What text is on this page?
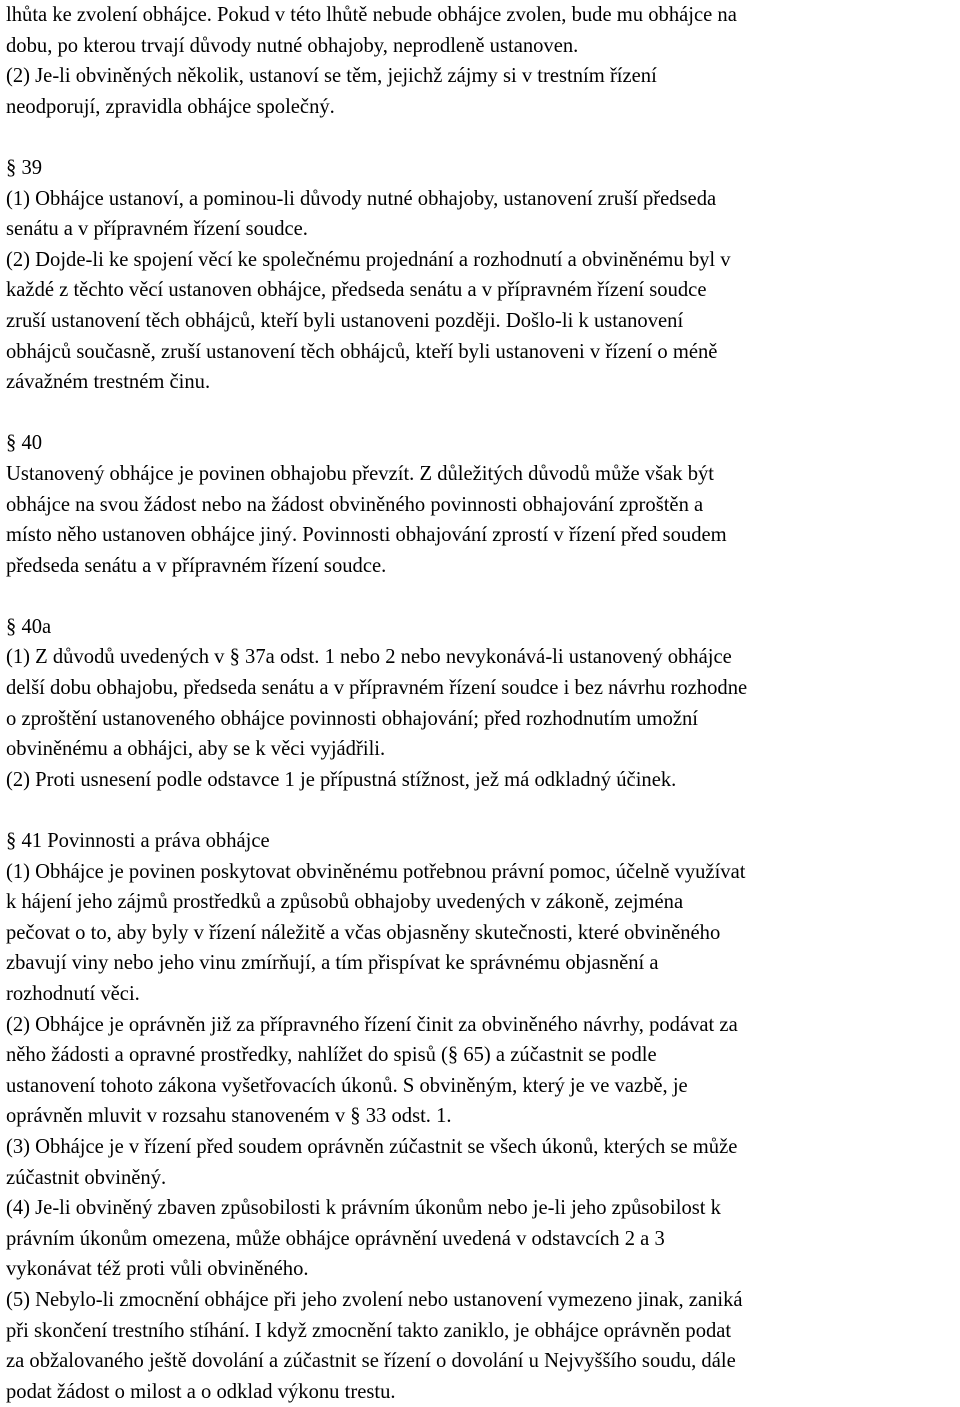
lhůta ke zvolení obhájce. Pokud v této lhůtě nebude obhájce zvolen, bude mu obhájce na
dobu, po kterou trvají důvody nutné obhajoby, neprodleně ustanoven.
(2) Je-li obviněných několik, ustanoví se těm, jejichž zájmy si v trestním řízení
neodporují, zpravidla obhájce společný.
§ 39
(1) Obhájce ustanoví, a pominou-li důvody nutné obhajoby, ustanovení zruší předseda
senátu a v přípravném řízení soudce.
(2) Dojde-li ke spojení věcí ke společnému projednání a rozhodnutí a obviněnému byl v
každé z těchto věcí ustanoven obhájce, předseda senátu a v přípravném řízení soudce
zruší ustanovení těch obhájců, kteří byli ustanoveni později. Došlo-li k ustanovení
obhájců současně, zruší ustanovení těch obhájců, kteří byli ustanoveni v řízení o méně
závažném trestném činu.
§ 40
Ustanovený obhájce je povinen obhajobu převzít. Z důležitých důvodů může však být
obhájce na svou žádost nebo na žádost obviněného povinnosti obhajování zproštěn a
místo něho ustanoven obhájce jiný. Povinnosti obhajování zprostí v řízení před soudem
předseda senátu a v přípravném řízení soudce.
§ 40a
(1) Z důvodů uvedených v § 37a odst. 1 nebo 2 nebo nevykonává-li ustanovený obhájce
delší dobu obhajobu, předseda senátu a v přípravném řízení soudce i bez návrhu rozhodne
o zproštění ustanoveného obhájce povinnosti obhajování; před rozhodnutím umožní
obviněnému a obhájci, aby se k věci vyjádřili.
(2) Proti usnesení podle odstavce 1 je přípustná stížnost, jež má odkladný účinek.
§ 41 Povinnosti a práva obhájce
(1) Obhájce je povinen poskytovat obviněnému potřebnou právní pomoc, účelně využívat
k hájení jeho zájmů prostředků a způsobů obhajoby uvedených v zákoně, zejména
pečovat o to, aby byly v řízení náležitě a včas objasněny skutečnosti, které obviněného
zbavují viny nebo jeho vinu zmírňují, a tím přispívat ke správnému objasnění a
rozhodnutí věci.
(2) Obhájce je oprávněn již za přípravného řízení činit za obviněného návrhy, podávat za
něho žádosti a opravné prostředky, nahlížet do spisů (§ 65) a zúčastnit se podle
ustanovení tohoto zákona vyšetřovacích úkonů. S obviněným, který je ve vazbě, je
oprávněn mluvit v rozsahu stanoveném v § 33 odst. 1.
(3) Obhájce je v řízení před soudem oprávněn zúčastnit se všech úkonů, kterých se může
zúčastnit obviněný.
(4) Je-li obviněný zbaven způsobilosti k právním úkonům nebo je-li jeho způsobilost k
právním úkonům omezena, může obhájce oprávnění uvedená v odstavcích 2 a 3
vykonávat též proti vůli obviněného.
(5) Nebylo-li zmocnění obhájce při jeho zvolení nebo ustanovení vymezeno jinak, zaniká
při skončení trestního stíhání. I když zmocnění takto zaniklo, je obhájce oprávněn podat
za obžalovaného ještě dovolání a zúčastnit se řízení o dovolání u Nejvyššího soudu, dále
podat žádost o milost a o odklad výkonu trestu.
